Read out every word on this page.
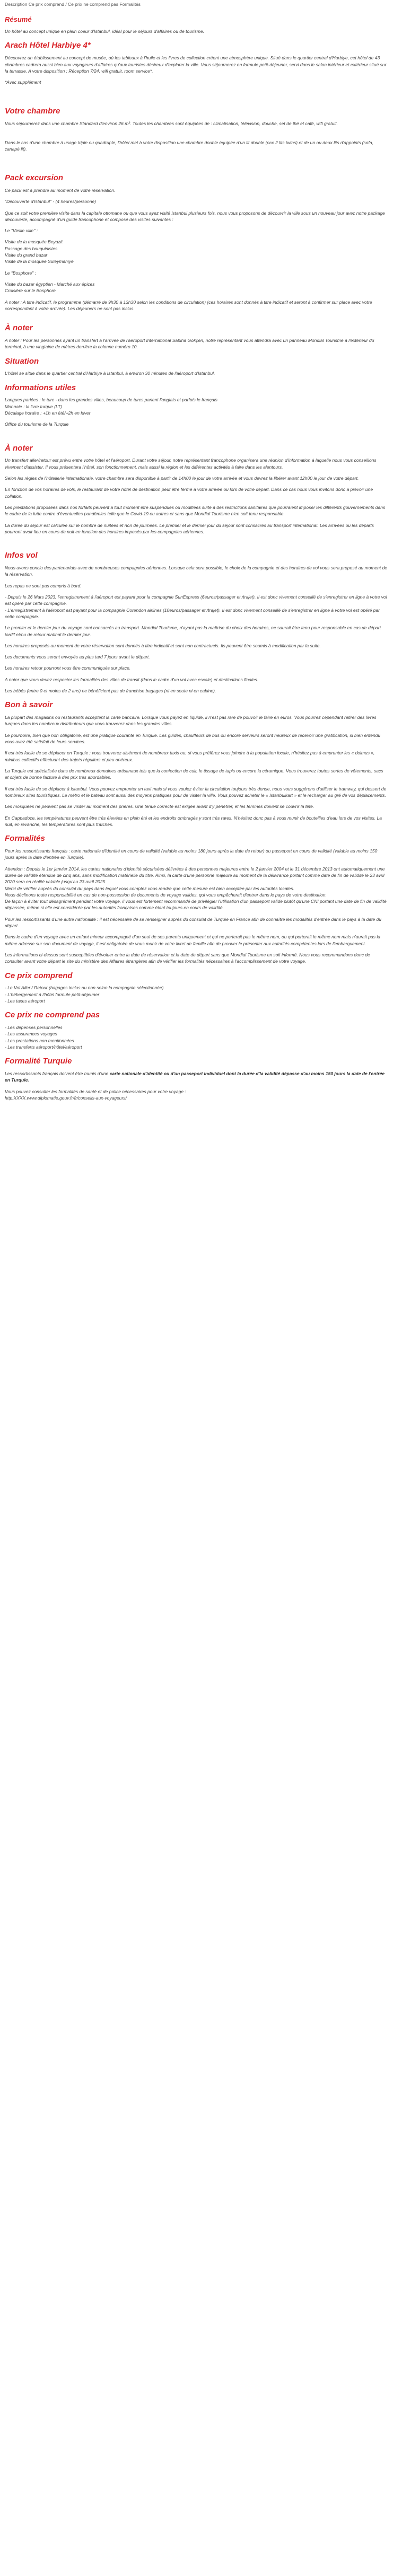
Description Ce prix comprend / Ce prix ne comprend pas Formalités
Résumé

Un hôtel au concept unique en plein coeur d'Istanbul, idéal pour le séjours d'affaires ou de tourisme.

Arach Hôtel Harbiye 4*

Découvrez un établissement au concept de musée, où les tableaux à l'huile et les livres de collection créent une atmosphère unique. Situé dans le quartier central d'Harbiye, cet hôtel de 43 chambres cadrera aussi bien aux voyageurs d'affaires qu'aux touristes désireux d'explorer la ville. Vous séjournerez en formule petit-déjeuner, servi dans le salon intérieur et extérieur situé sur la terrasse. A votre disposition : Réception 7/24, wifi gratuit, room service*.

*Avec supplément

Votre chambre

Vous séjournerez dans une chambre Standard d'environ 26 m². Toutes les chambres sont équipées de : climatisation, télévision, douche, set de thé et café, wifi gratuit.

Dans le cas d'une chambre à usage triple ou quadruple, l'hôtel met à votre disposition une chambre double équipée d'un lit double (occ 2 lits twins) et de un ou deux lits d'appoints (sofa, canapé lit).

Pack excursion

Ce pack est à prendre au moment de votre réservation.

"Découverte d'Istanbul" - (4 heures/personne)

Que ce soit votre première visite dans la capitale ottomane ou que vous ayez visité Istanbul plusieurs fois, nous vous proposons de découvrir la ville sous un nouveau jour avec notre package découverte, accompagné d'un guide francophone et composé des visites suivantes :

Le "Vieille ville" :

Visite de la mosquée Beyazit

Passage des bouquinistes

Visite du grand bazar

Visite de la mosquée Suleymaniye

Le "Bosphore" :

Visite du bazar égyptien - Marché aux épices

Croisière sur le Bosphore

A noter : A titre indicatif, le programme (démarré de 9h30 à 13h30 selon les conditions de circulation) (ces horaires sont donnés à titre indicatif et seront à confirmer sur place avec votre correspondant à votre arrivée). Les déjeuners ne sont pas inclus.

À noter

A noter : Pour les personnes ayant un transfert à l'arrivée de l'aéroport International Sabiha Gökçen, notre représentant vous attendra avec un panneau Mondial Tourisme à l'extérieur du terminal, à une vingtaine de mètres derrière la colonne numéro 10.

Situation

L'hôtel se situe dans le quartier central d'Harbiye à Istanbul, à environ 30 minutes de l'aéroport d'Istanbul.

Informations utiles

Langues parlées : le turc - dans les grandes villes, beaucoup de turcs parlent l'anglais et parfois le français

Monnaie : la livre turque (LT)

Décalage horaire : +1h en été/+2h en hiver

Office du tourisme de la Turquie

À noter

Un transfert aller/retour est prévu entre votre hôtel et l'aéroport. Durant votre séjour, notre représentant francophone organisera une réunion d'information à laquelle nous vous conseillons vivement d'assister. Il vous présentera l'hôtel, son fonctionnement, mais aussi la région et les différentes activités à faire dans les alentours.

Selon les règles de l'hôtellerie internationale, votre chambre sera disponible à partir de 14h00 le jour de votre arrivée et vous devrez la libérer avant 12h00 le jour de votre départ.

En fonction de vos horaires de vols, le restaurant de votre hôtel de destination peut être fermé à votre arrivée ou lors de votre départ. Dans ce cas nous vous invitons donc à prévoir une collation.

Les prestations proposées dans nos forfaits peuvent à tout moment être suspendues ou modifiées suite à des restrictions sanitaires que pourraient imposer les différents gouvernements dans le cadre de la lutte contre d'éventuelles pandémies telle que le Covid-19 ou autres et sans que Mondial Tourisme n'en soit tenu responsable.

La durée du séjour est calculée sur le nombre de nuitées et non de journées. Le premier et le dernier jour du séjour sont consacrés au transport international. Les arrivées ou les départs pourront avoir lieu en cours de nuit en fonction des horaires imposés par les compagnies aériennes.

Infos vol

Nous avons conclu des partenariats avec de nombreuses compagnies aériennes. Lorsque cela sera possible, le choix de la compagnie et des horaires de vol vous sera proposé au moment de la réservation.

Les repas ne sont pas compris à bord.

- Depuis le 26 Mars 2023, l'enregistrement à l'aéroport est payant pour la compagnie SunExpress (6euros/passager et /trajet). Il est donc vivement conseillé de s'enregistrer en ligne à votre vol est opéré par cette compagnie.
- L'enregistrement à l'aéroport est payant pour la compagnie Corendon airlines (10euros/passager et /trajet). Il est donc vivement conseillé de s'enregistrer en ligne à votre vol est opéré par cette compagnie.

Le premier et le dernier jour du voyage sont consacrés au transport. Mondial Tourisme, n'ayant pas la maîtrise du choix des horaires, ne saurait être tenu pour responsable en cas de départ tardif et/ou de retour matinal le dernier jour.

Les horaires proposés au moment de votre réservation sont donnés à titre indicatif et sont non contractuels. Ils peuvent être soumis à modification par la suite.

Les documents vous seront envoyés au plus tard 7 jours avant le départ.

Les horaires retour pourront vous être communiqués sur place.

A noter que vous devez respecter les formalités des villes de transit (dans le cadre d'un vol avec escale) et destinations finales.

Les bébés (entre 0 et moins de 2 ans) ne bénéficient pas de franchise bagages (ni en soute ni en cabine).

Bon à savoir

La plupart des magasins ou restaurants acceptent la carte bancaire. Lorsque vous payez en liquide, il n'est pas rare de pouvoir le faire en euros. Vous pourrez cependant retirer des livres turques dans les nombreux distributeurs que vous trouverez dans les grandes villes.

Le pourboire, bien que non obligatoire, est une pratique courante en Turquie. Les guides, chauffeurs de bus ou encore serveurs seront heureux de recevoir une gratification, si bien entendu vous avez été satisfait de leurs services.

Il est très facile de se déplacer en Turquie ; vous trouverez aisément de nombreux taxis ou, si vous préférez vous joindre à la population locale, n'hésitez pas à emprunter les « dolmus », minibus collectifs effectuant des trajets réguliers et peu onéreux.

La Turquie est spécialisée dans de nombreux domaines artisanaux tels que la confection de cuir, le tissage de tapis ou encore la céramique. Vous trouverez toutes sortes de vêtements, sacs et objets de bonne facture à des prix très abordables.

Il est très facile de se déplacer à Istanbul. Vous pouvez emprunter un taxi mais si vous voulez éviter la circulation toujours très dense, nous vous suggérons d'utiliser le tramway, qui dessert de nombreux sites touristiques. Le métro et le bateau sont aussi des moyens pratiques pour de visiter la ville. Vous pouvez acheter le « Istanbulkart » et le recharger au gré de vos déplacements.

Les mosquées ne peuvent pas se visiter au moment des prières. Une tenue correcte est exigée avant d'y pénétrer, et les femmes doivent se couvrir la tête.

En Cappadoce, les températures peuvent être très élevées en plein été et les endroits ombragés y sont très rares. N'hésitez donc pas à vous munir de bouteilles d'eau lors de vos visites. La nuit, en revanche, les températures sont plus fraîches.

Formalités

Pour les ressortissants français : carte nationale d'identité en cours de validité (valable au moins 180 jours après la date de retour) ou passeport en cours de validité (valable au moins 150 jours après la date d'entrée en Turquie).

Attention : Depuis le 1er janvier 2014, les cartes nationales d'identité sécurisées délivrées à des personnes majeures entre le 2 janvier 2004 et le 31 décembre 2013 ont automatiquement une durée de validité étendue de cinq ans, sans modification matérielle du titre. Ainsi, la carte d'une personne majeure au moment de la délivrance portant comme date de fin de validité le 23 avril 2020 sera en réalité valable jusqu'au 23 avril 2025.
Merci de vérifier auprès du consulat du pays dans lequel vous comptez vous rendre que cette mesure est bien acceptée par les autorités locales.
Nous déclinons toute responsabilité en cas de non-possession de documents de voyage valides, qui vous empêcherait d'entrer dans le pays de votre destination.
De façon à éviter tout désagrément pendant votre voyage, il vous est fortement recommandé de privilégier l'utilisation d'un passeport valide plutôt qu'une CNI portant une date de fin de validité dépassée, même si elle est considérée par les autorités françaises comme étant toujours en cours de validité.

Pour les ressortissants d'une autre nationalité : il est nécessaire de se renseigner auprès du consulat de Turquie en France afin de connaître les modalités d'entrée dans le pays à la date du départ.

Dans le cadre d'un voyage avec un enfant mineur accompagné d'un seul de ses parents uniquement et qui ne porterait pas le même nom, ou qui porterait le même nom mais n'aurait pas la même adresse sur son document de voyage, il est obligatoire de vous munir de votre livret de famille afin de prouver le présenter aux autorités compétentes lors de l'embarquement.

Les informations ci-dessus sont susceptibles d'évoluer entre la date de réservation et la date de départ sans que Mondial Tourisme en soit informé. Nous vous recommandons donc de consulter avant votre départ le site du ministère des Affaires étrangères afin de vérifier les formalités nécessaires à l'accomplissement de votre voyage.

Ce prix comprend

- Le Vol Aller / Retour (bagages inclus ou non selon la compagnie sélectionnée)

- L'hébergement à l'hôtel formule petit-déjeuner

- Les taxes aéroport

Ce prix ne comprend pas

- Les dépenses personnelles

- Les assurances voyages

- Les prestations non mentionnées

- Les transferts aéroport/hôtel/aéroport

Formalité Turquie

Les ressortissants français doivent être munis d'une carte nationale d'identité ou d'un passeport individuel dont la durée d'la validité dépasse d'au moins 150 jours la date de l'entrée en Turquie.

Vous pouvez consulter les formalités de santé et de police nécessaires pour votre voyage :
http:XXXX.www.diplomatie.gouv.fr/fr/conseils-aux-voyageurs/
